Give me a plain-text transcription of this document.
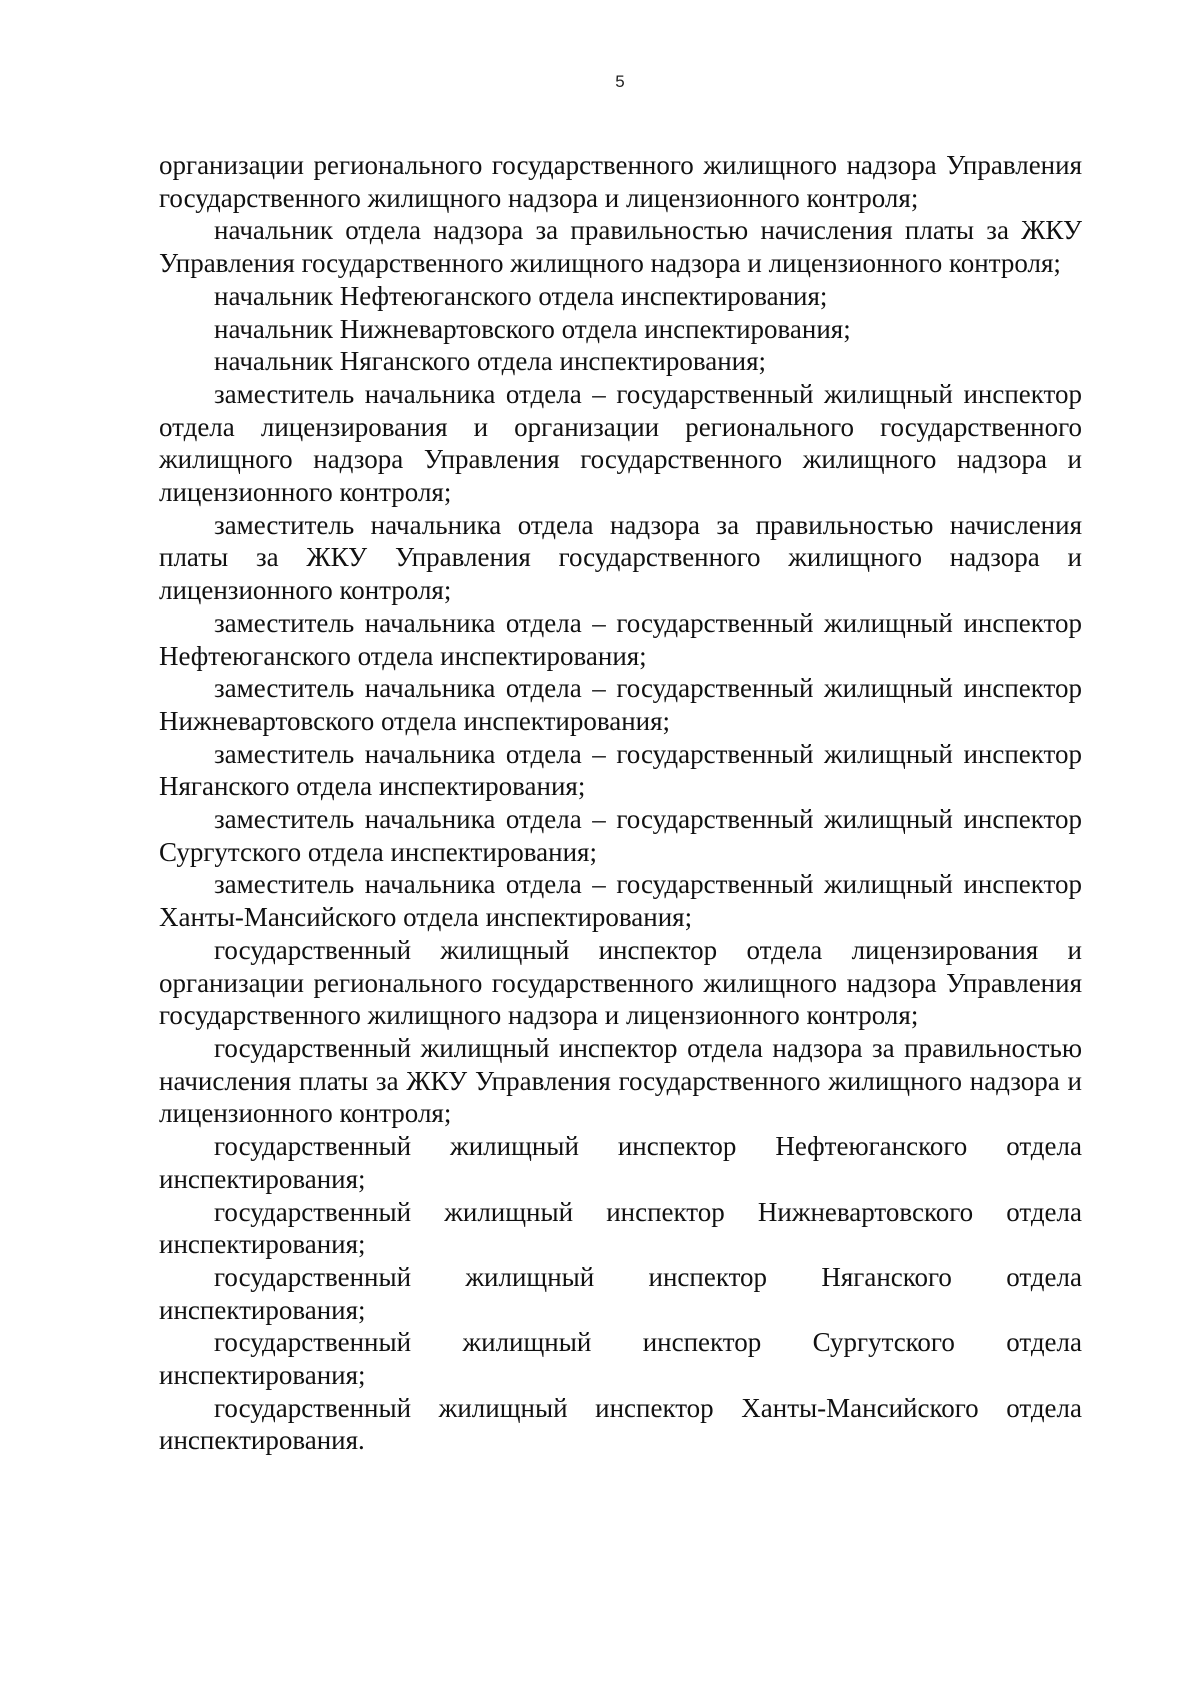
5

организации регионального государственного жилищного надзора Управления государственного жилищного надзора и лицензионного контроля;

начальник отдела надзора за правильностью начисления платы за ЖКУ Управления государственного жилищного надзора и лицензионного контроля;

начальник Нефтеюганского отдела инспектирования;

начальник Нижневартовского отдела инспектирования;

начальник Няганского отдела инспектирования;

заместитель начальника отдела – государственный жилищный инспектор отдела лицензирования и организации регионального государственного жилищного надзора Управления государственного жилищного надзора и лицензионного контроля;

заместитель начальника отдела надзора за правильностью начисления платы за ЖКУ Управления государственного жилищного надзора и лицензионного контроля;

заместитель начальника отдела – государственный жилищный инспектор Нефтеюганского отдела инспектирования;

заместитель начальника отдела – государственный жилищный инспектор Нижневартовского отдела инспектирования;

заместитель начальника отдела – государственный жилищный инспектор Няганского отдела инспектирования;

заместитель начальника отдела – государственный жилищный инспектор Сургутского отдела инспектирования;

заместитель начальника отдела – государственный жилищный инспектор Ханты-Мансийского отдела инспектирования;

государственный жилищный инспектор отдела лицензирования и организации регионального государственного жилищного надзора Управления государственного жилищного надзора и лицензионного контроля;

государственный жилищный инспектор отдела надзора за правильностью начисления платы за ЖКУ Управления государственного жилищного надзора и лицензионного контроля;

государственный жилищный инспектор Нефтеюганского отдела инспектирования;

государственный жилищный инспектор Нижневартовского отдела инспектирования;

государственный жилищный инспектор Няганского отдела инспектирования;

государственный жилищный инспектор Сургутского отдела инспектирования;

государственный жилищный инспектор Ханты-Мансийского отдела инспектирования.
